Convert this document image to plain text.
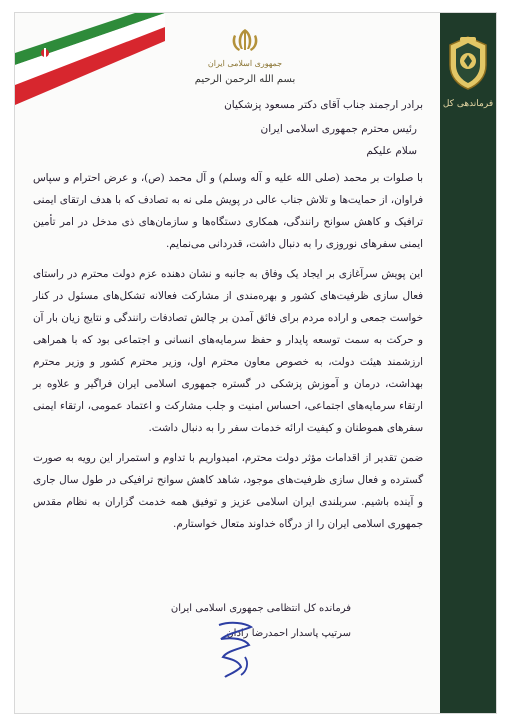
جمهوری اسلامی ایران
بسم الله الرحمن الرحیم
فرماندهی کل
برادر ارجمند جناب آقای دکتر مسعود پزشکیان
رئیس محترم جمهوری اسلامی ایران
سلام علیکم
با صلوات بر محمد (صلی الله علیه و آله وسلم) و آل محمد (ص)، و عرض احترام و سپاس فراوان، از حمایت‌ها و تلاش جناب عالی در پویش ملی نه به تصادف که با هدف ارتقای ایمنی ترافیک و کاهش سوانح رانندگی، همکاری دستگاه‌ها و سازمان‌های ذی مدخل در امر تأمین ایمنی سفرهای نوروزی را به دنبال داشت، قدردانی می‌نمایم.
این پویش سرآغازی بر ایجاد یک وفاق به جانبه و نشان دهنده عزم دولت محترم در راستای فعال سازی ظرفیت‌های کشور و بهره‌مندی از مشارکت فعالانه تشکل‌های مسئول در کنار خواست جمعی و اراده مردم برای فائق آمدن بر چالش تصادفات رانندگی و نتایج زیان بار آن و حرکت به سمت توسعه پایدار و حفظ سرمایه‌های انسانی و اجتماعی بود که با همراهی ارزشمند هیئت دولت، به خصوص معاون محترم اول، وزیر محترم کشور و وزیر محترم بهداشت، درمان و آموزش پزشکی در گستره جمهوری اسلامی ایران فراگیر و علاوه بر ارتقاء سرمایه‌های اجتماعی، احساس امنیت و جلب مشارکت و اعتماد عمومی، ارتقاء ایمنی سفرهای هموطنان و کیفیت ارائه خدمات سفر را به دنبال داشت.
ضمن تقدیر از اقدامات مؤثر دولت محترم، امیدواریم با تداوم و استمرار این رویه به صورت گسترده و فعال سازی ظرفیت‌های موجود، شاهد کاهش سوانح ترافیکی در طول سال جاری و آینده باشیم. سربلندی ایران اسلامی عزیز و توفیق همه خدمت گزاران به نظام مقدس جمهوری اسلامی ایران را از درگاه خداوند متعال خواستارم.
فرمانده کل انتظامی جمهوری اسلامی ایران
سرتیپ پاسدار احمدرضا رادان
